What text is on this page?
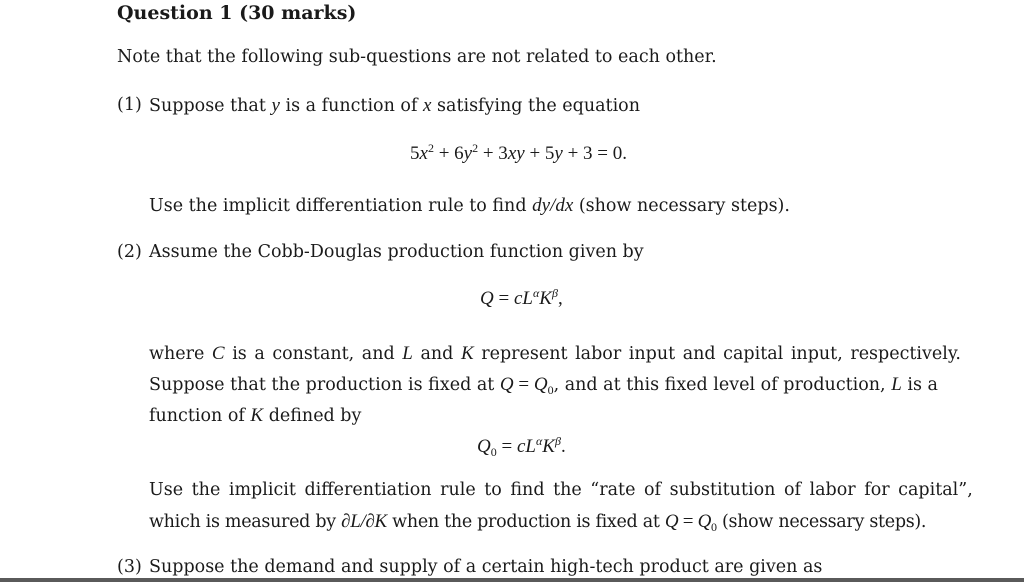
Question 1 (30 marks)
Note that the following sub-questions are not related to each other.
(1) Suppose that y is a function of x satisfying the equation
$5x^2 + 6y^2 + 3xy + 5y + 3 = 0$.
Use the implicit differentiation rule to find dy/dx (show necessary steps).
(2) Assume the Cobb-Douglas production function given by
$Q = cL^\alpha K^\beta$,
where C is a constant, and L and K represent labor input and capital input, respectively.
Suppose that the production is fixed at $Q = Q_0$, and at this fixed level of production, L is a
function of K defined by
$Q_0 = cL^\alpha K^\beta$.
Use the implicit differentiation rule to find the “rate of substitution of labor for capital”,
which is measured by ∂L/∂K when the production is fixed at $Q = Q_0$ (show necessary steps).
(3) Suppose the demand and supply of a certain high-tech product are given as
